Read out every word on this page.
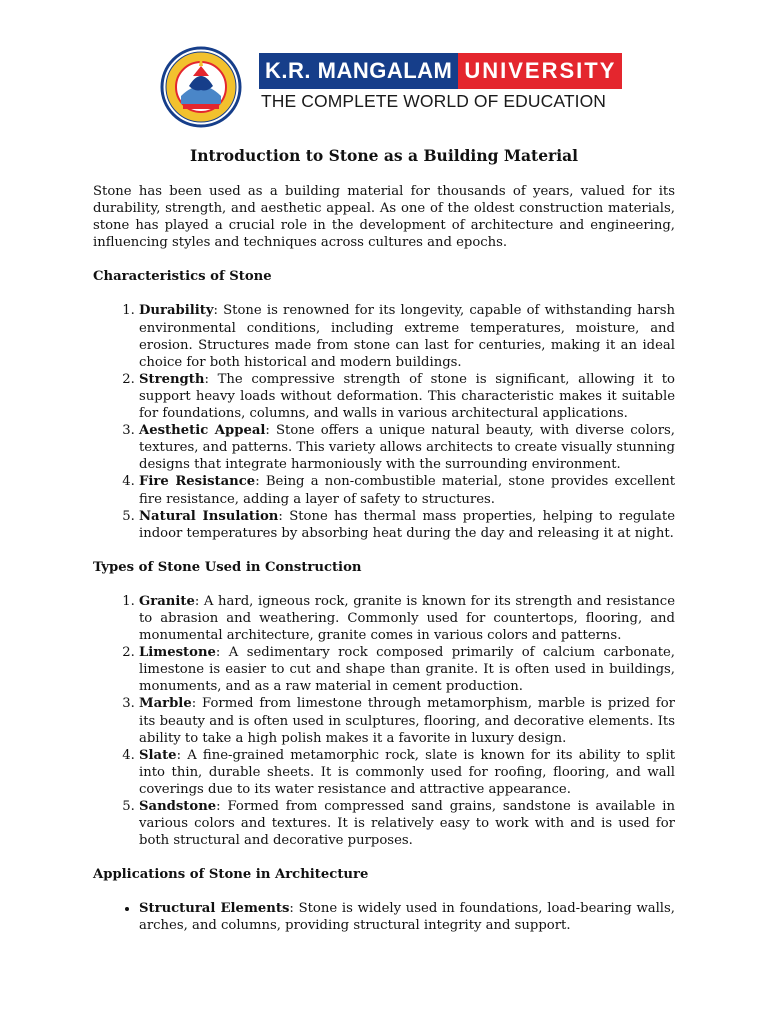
K.R. MANGALAM UNIVERSITY
THE COMPLETE WORLD OF EDUCATION
Introduction to Stone as a Building Material

Stone has been used as a building material for thousands of years, valued for its durability, strength, and aesthetic appeal. As one of the oldest construction materials, stone has played a crucial role in the development of architecture and engineering, influencing styles and techniques across cultures and epochs.

Characteristics of Stone
1. Durability: Stone is renowned for its longevity, capable of withstanding harsh environmental conditions, including extreme temperatures, moisture, and erosion. Structures made from stone can last for centuries, making it an ideal choice for both historical and modern buildings.
2. Strength: The compressive strength of stone is significant, allowing it to support heavy loads without deformation. This characteristic makes it suitable for foundations, columns, and walls in various architectural applications.
3. Aesthetic Appeal: Stone offers a unique natural beauty, with diverse colors, textures, and patterns. This variety allows architects to create visually stunning designs that integrate harmoniously with the surrounding environment.
4. Fire Resistance: Being a non-combustible material, stone provides excellent fire resistance, adding a layer of safety to structures.
5. Natural Insulation: Stone has thermal mass properties, helping to regulate indoor temperatures by absorbing heat during the day and releasing it at night.
Types of Stone Used in Construction
1. Granite: A hard, igneous rock, granite is known for its strength and resistance to abrasion and weathering. Commonly used for countertops, flooring, and monumental architecture, granite comes in various colors and patterns.
2. Limestone: A sedimentary rock composed primarily of calcium carbonate, limestone is easier to cut and shape than granite. It is often used in buildings, monuments, and as a raw material in cement production.
3. Marble: Formed from limestone through metamorphism, marble is prized for its beauty and is often used in sculptures, flooring, and decorative elements. Its ability to take a high polish makes it a favorite in luxury design.
4. Slate: A fine-grained metamorphic rock, slate is known for its ability to split into thin, durable sheets. It is commonly used for roofing, flooring, and wall coverings due to its water resistance and attractive appearance.
5. Sandstone: Formed from compressed sand grains, sandstone is available in various colors and textures. It is relatively easy to work with and is used for both structural and decorative purposes.
Applications of Stone in Architecture
• Structural Elements: Stone is widely used in foundations, load-bearing walls, arches, and columns, providing structural integrity and support.
